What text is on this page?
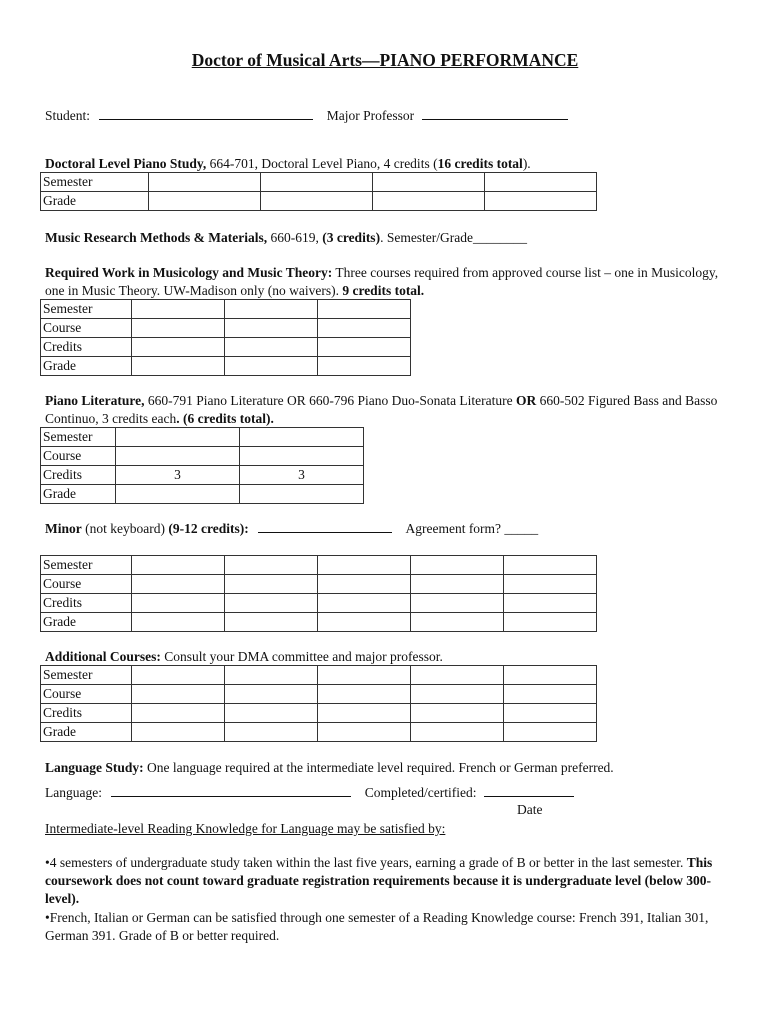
Doctor of Musical Arts—PIANO PERFORMANCE
Student:	Major Professor
Doctoral Level Piano Study, 664-701, Doctoral Level Piano, 4 credits (16 credits total).
Semester				
Grade				
Music Research Methods & Materials, 660-619, (3 credits). Semester/Grade________
Required Work in Musicology and Music Theory: Three courses required from approved course list – one in Musicology, one in Music Theory. UW-Madison only (no waivers). 9 credits total.
Semester			
Course			
Credits			
Grade			
Piano Literature, 660-791 Piano Literature OR 660-796 Piano Duo-Sonata Literature OR 660-502 Figured Bass and Basso Continuo, 3 credits each. (6 credits total).
Semester		
Course		
Credits	3	3
Grade		
Minor (not keyboard) (9-12 credits):	Agreement form? _____
Semester					
Course					
Credits					
Grade					
Additional Courses: Consult your DMA committee and major professor.
Semester					
Course					
Credits					
Grade					
Language Study: One language required at the intermediate level required. French or German preferred.
Language:	Completed/certified:
Date
Intermediate-level Reading Knowledge for Language may be satisfied by:
•4 semesters of undergraduate study taken within the last five years, earning a grade of B or better in the last semester. This coursework does not count toward graduate registration requirements because it is undergraduate level (below 300-level).
•French, Italian or German can be satisfied through one semester of a Reading Knowledge course: French 391, Italian 301, German 391. Grade of B or better required.
